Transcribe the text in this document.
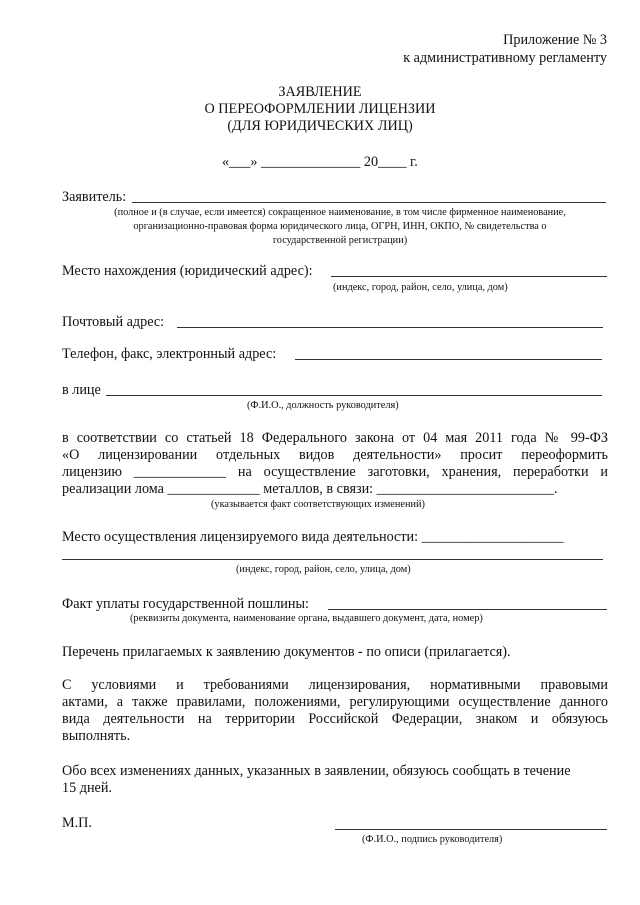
Приложение № 3
к административному регламенту
ЗАЯВЛЕНИЕ
О ПЕРЕОФОРМЛЕНИИ ЛИЦЕНЗИИ
(ДЛЯ ЮРИДИЧЕСКИХ ЛИЦ)
«___» ______________ 20____ г.
Заявитель:
(полное и (в случае, если имеется) сокращенное наименование, в том числе фирменное наименование,
организационно-правовая форма юридического лица, ОГРН, ИНН, ОКПО, № свидетельства о
государственной регистрации)
Место нахождения (юридический адрес):
(индекс, город, район, село, улица, дом)
Почтовый адрес:
Телефон, факс, электронный адрес:
в лице
(Ф.И.О., должность руководителя)
в соответствии со статьей 18 Федерального закона от 04 мая 2011 года № 99-ФЗ
«О лицензировании отдельных видов деятельности» просит переоформить
лицензию _____________ на осуществление заготовки, хранения, переработки и
реализации лома _____________ металлов, в связи: _________________________.
(указывается факт соответствующих изменений)
Место осуществления лицензируемого вида деятельности: ____________________
(индекс, город, район, село, улица, дом)
Факт уплаты государственной пошлины:
(реквизиты документа, наименование органа, выдавшего документ, дата, номер)
Перечень прилагаемых к заявлению документов - по описи (прилагается).
С условиями и требованиями лицензирования, нормативными правовыми
актами, а также правилами, положениями, регулирующими осуществление данного
вида деятельности на территории Российской Федерации, знаком и обязуюсь
выполнять.
Обо всех изменениях данных, указанных в заявлении, обязуюсь сообщать в течение
15 дней.
М.П.
(Ф.И.О., подпись руководителя)
